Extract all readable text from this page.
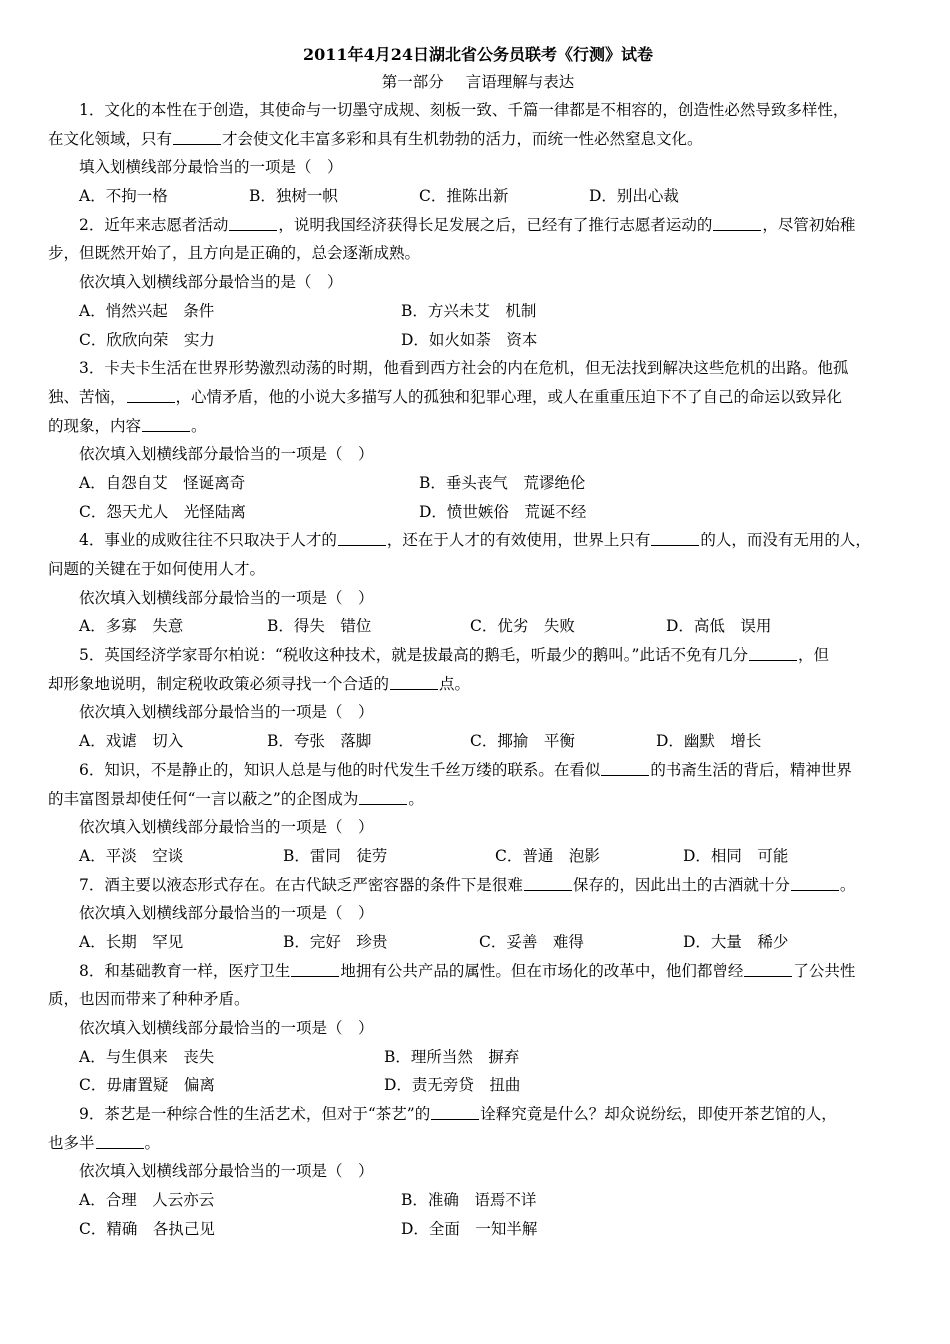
2011年4月24日湖北省公务员联考《行测》试卷
第一部分 言语理解与表达
1．文化的本性在于创造，其使命与一切墨守成规、刻板一致、千篇一律都是不相容的，创造性必然导致多样性，
在文化领域，只有	才会使文化丰富多彩和具有生机勃勃的活力，而统一性必然窒息文化。
填入划横线部分最恰当的一项是（　）
A．不拘一格	B．独树一帜	C．推陈出新	D．别出心裁
2．近年来志愿者活动	，说明我国经济获得长足发展之后，已经有了推行志愿者运动的	，尽管初始稚
步，但既然开始了，且方向是正确的，总会逐渐成熟。
依次填入划横线部分最恰当的是（　）
A．悄然兴起　条件	B．方兴未艾　机制
C．欣欣向荣　实力	D．如火如荼　资本
3．卡夫卡生活在世界形势激烈动荡的时期，他看到西方社会的内在危机，但无法找到解决这些危机的出路。他孤
独、苦恼，	，心情矛盾，他的小说大多描写人的孤独和犯罪心理，或人在重重压迫下不了自己的命运以致异化
的现象，内容	。
依次填入划横线部分最恰当的一项是（　）
A．自怨自艾　怪诞离奇	B．垂头丧气　荒谬绝伦
C．怨天尤人　光怪陆离	D．愤世嫉俗　荒诞不经
4．事业的成败往往不只取决于人才的	，还在于人才的有效使用，世界上只有	的人，而没有无用的人，
问题的关键在于如何使用人才。
依次填入划横线部分最恰当的一项是（　）
A．多寡　失意	B．得失　错位	C．优劣　失败	D．高低　误用
5．英国经济学家哥尔柏说：“税收这种技术，就是拔最高的鹅毛，听最少的鹅叫。”此话不免有几分	，但
却形象地说明，制定税收政策必须寻找一个合适的	点。
依次填入划横线部分最恰当的一项是（　）
A．戏谑　切入	B．夸张　落脚	C．揶揄　平衡	D．幽默　增长
6．知识，不是静止的，知识人总是与他的时代发生千丝万缕的联系。在看似	的书斋生活的背后，精神世界
的丰富图景却使任何“一言以蔽之”的企图成为	。
依次填入划横线部分最恰当的一项是（　）
A．平淡　空谈	B．雷同　徒劳	C．普通　泡影	D．相同　可能
7．酒主要以液态形式存在。在古代缺乏严密容器的条件下是很难	保存的，因此出土的古酒就十分	。
依次填入划横线部分最恰当的一项是（　）
A．长期　罕见	B．完好　珍贵	C．妥善　难得	D．大量　稀少
8．和基础教育一样，医疗卫生	地拥有公共产品的属性。但在市场化的改革中，他们都曾经	了公共性
质，也因而带来了种种矛盾。
依次填入划横线部分最恰当的一项是（　）
A．与生俱来　丧失	B．理所当然　摒弃
C．毋庸置疑　偏离	D．责无旁贷　扭曲
9．茶艺是一种综合性的生活艺术，但对于“茶艺”的	诠释究竟是什么？却众说纷纭，即使开茶艺馆的人，
也多半	。
依次填入划横线部分最恰当的一项是（　）
A．合理　人云亦云	B．准确　语焉不详
C．精确　各执己见	D．全面　一知半解
